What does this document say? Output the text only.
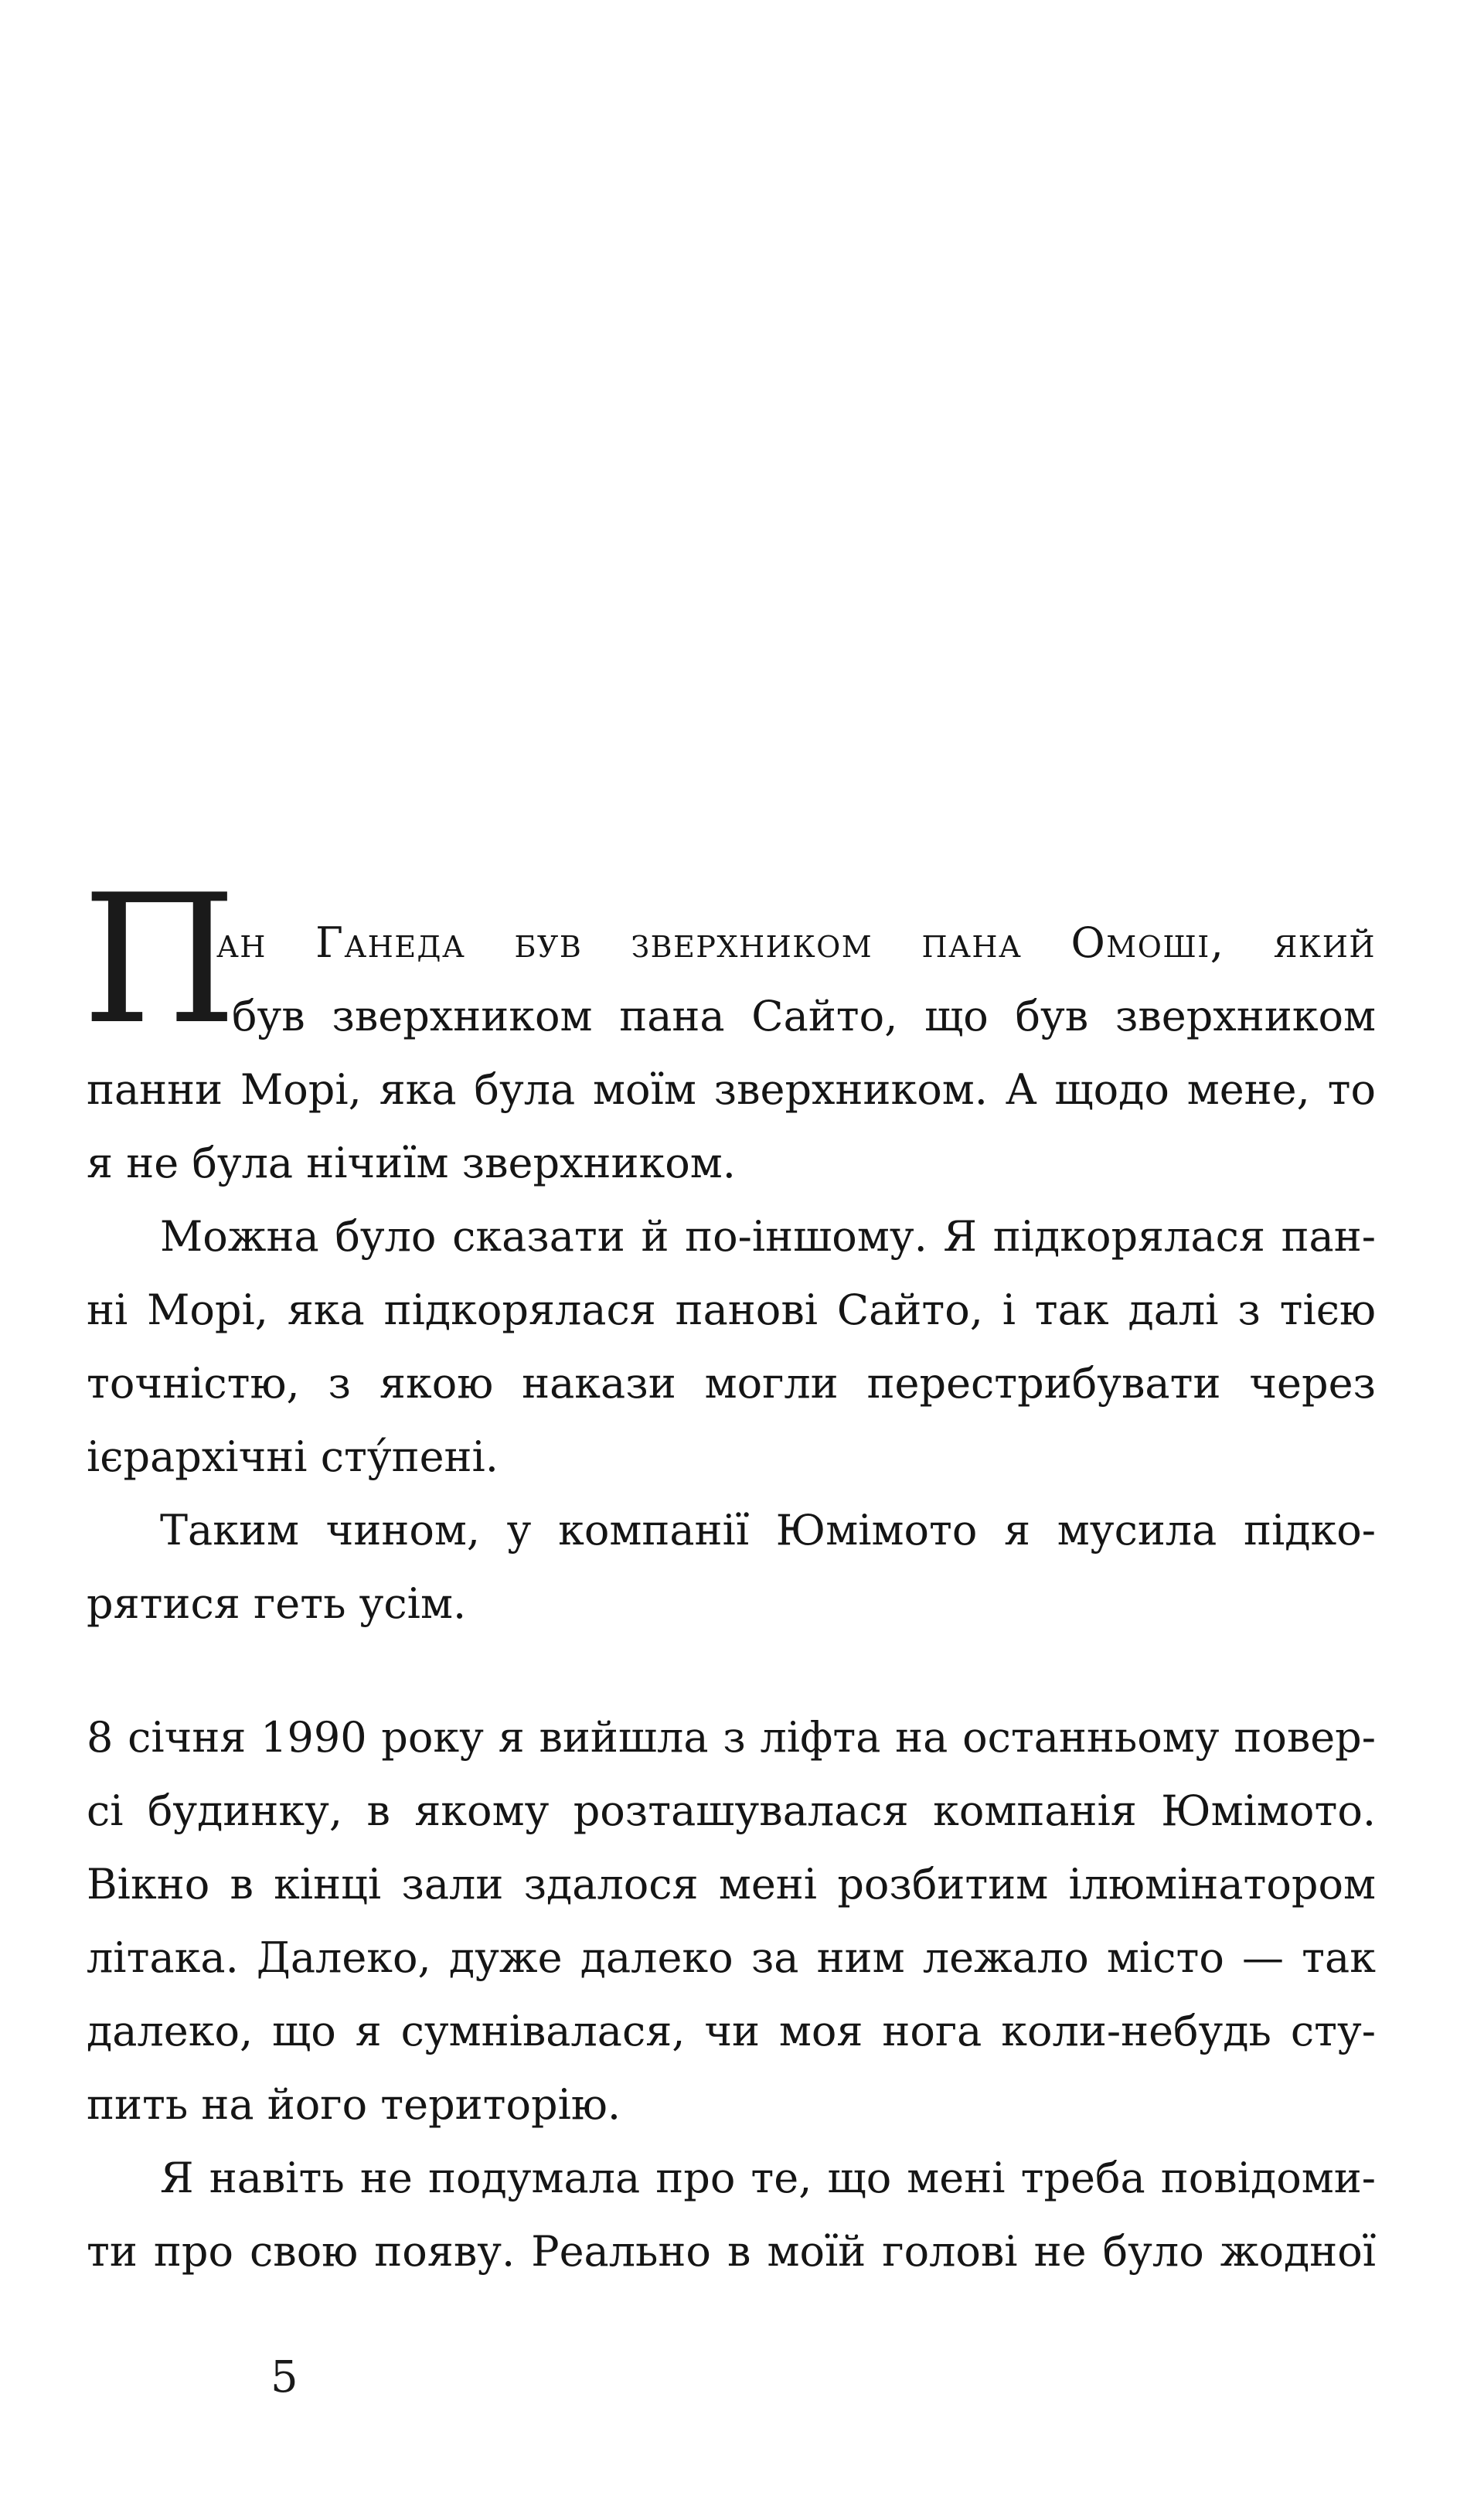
П
ан Ганеда був зверхником пана Омоші, який
був зверхником пана Сайто, що був зверхником
панни Морі, яка була моїм зверхником. А щодо мене, то
я не була нічиїм зверхником.
Можна було сказати й по-іншому. Я підкорялася пан-
ні Морі, яка підкорялася панові Сайто, і так далі з тією
точністю, з якою накази могли перестрибувати через
ієрархічні сту́пені.
Таким чином, у компанії Юмімото я мусила підко-
рятися геть усім.
8 січня 1990 року я вийшла з ліфта на останньому повер-
сі будинку, в якому розташувалася компанія Юмімото.
Вікно в кінці зали здалося мені розбитим ілюмінатором
літака. Далеко, дуже далеко за ним лежало місто — так
далеко, що я сумнівалася, чи моя нога коли-небудь сту-
пить на його територію.
Я навіть не подумала про те, що мені треба повідоми-
ти про свою появу. Реально в моїй голові не було жодної
5
